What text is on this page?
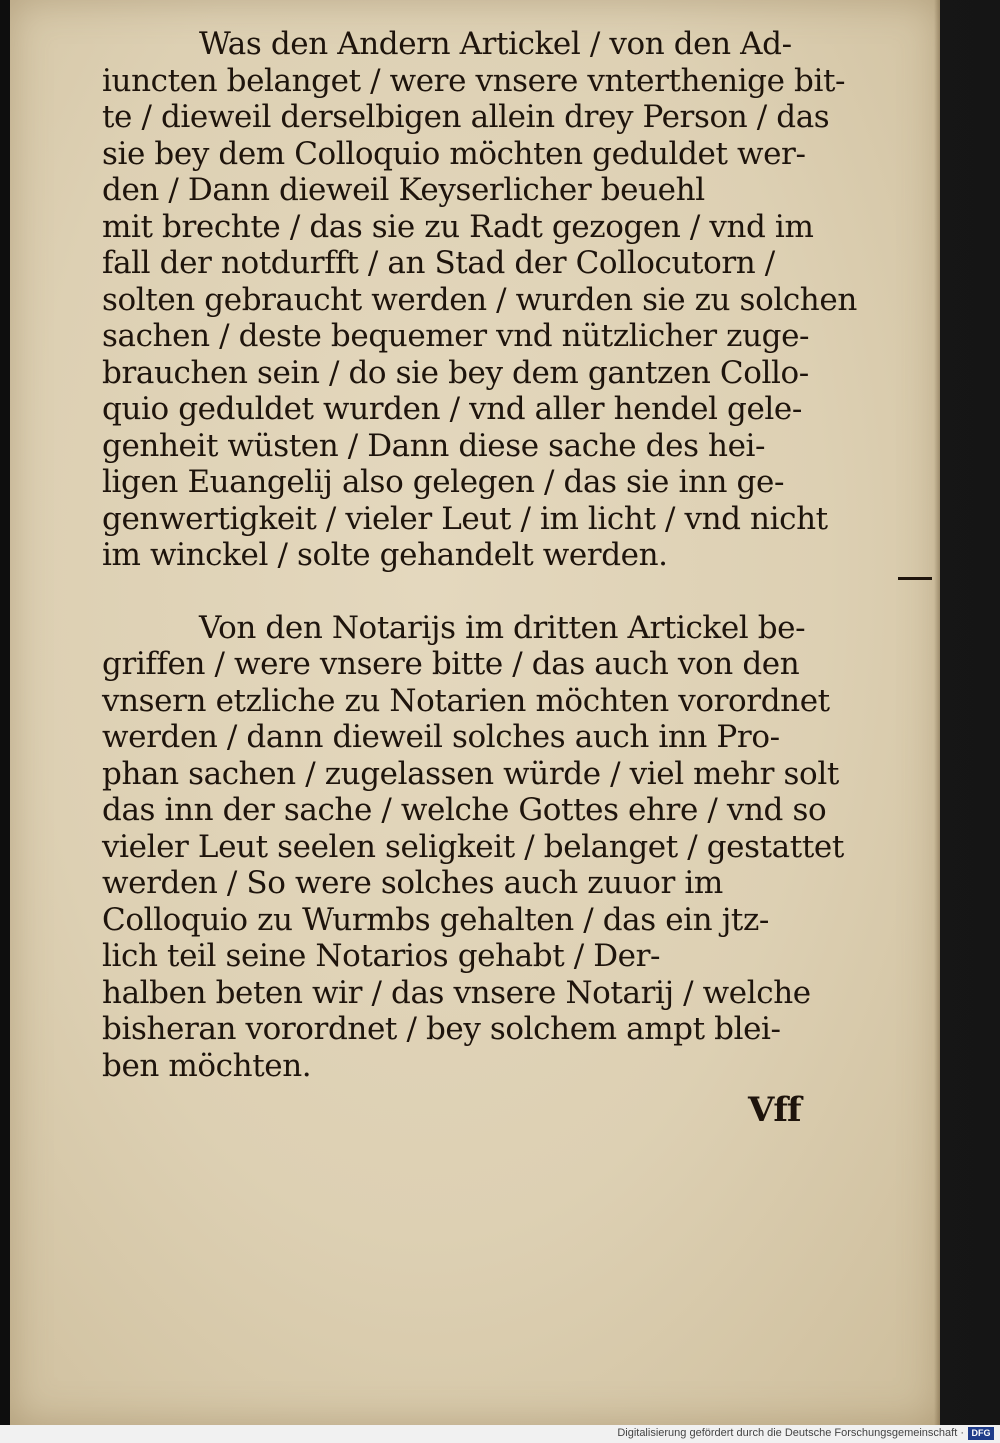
Was den Andern Artickel / von den Ad-
iuncten belanget / were vnsere vnterthenige bit-
te / dieweil derselbigen allein drey Person / das
sie bey dem Colloquio möchten geduldet wer-
den / Dann dieweil Keyserlicher beuehl
mit brechte / das sie zu Radt gezogen / vnd im
fall der notdurfft / an Stad der Collocutorn /
solten gebraucht werden / wurden sie zu solchen
sachen / deste bequemer vnd nützlicher zuge-
brauchen sein / do sie bey dem gantzen Collo-
quio geduldet wurden / vnd aller hendel gele-
genheit wüsten / Dann diese sache des hei-
ligen Euangelij also gelegen / das sie inn ge-
genwertigkeit / vieler Leut / im licht / vnd nicht
im winckel / solte gehandelt werden.
Von den Notarijs im dritten Artickel be-
griffen / were vnsere bitte / das auch von den
vnsern etzliche zu Notarien möchten vorordnet
werden / dann dieweil solches auch inn Pro-
phan sachen / zugelassen würde / viel mehr solt
das inn der sache / welche Gottes ehre / vnd so
vieler Leut seelen seligkeit / belanget / gestattet
werden / So were solches auch zuuor im
Colloquio zu Wurmbs gehalten / das ein jtz-
lich teil seine Notarios gehabt / Der-
halben beten wir / das vnsere Notarij / welche
bisheran vorordnet / bey solchem ampt blei-
ben möchten.
Vff
Digitalisierung gefördert durch die Deutsche Forschungsgemeinschaft · DFG
